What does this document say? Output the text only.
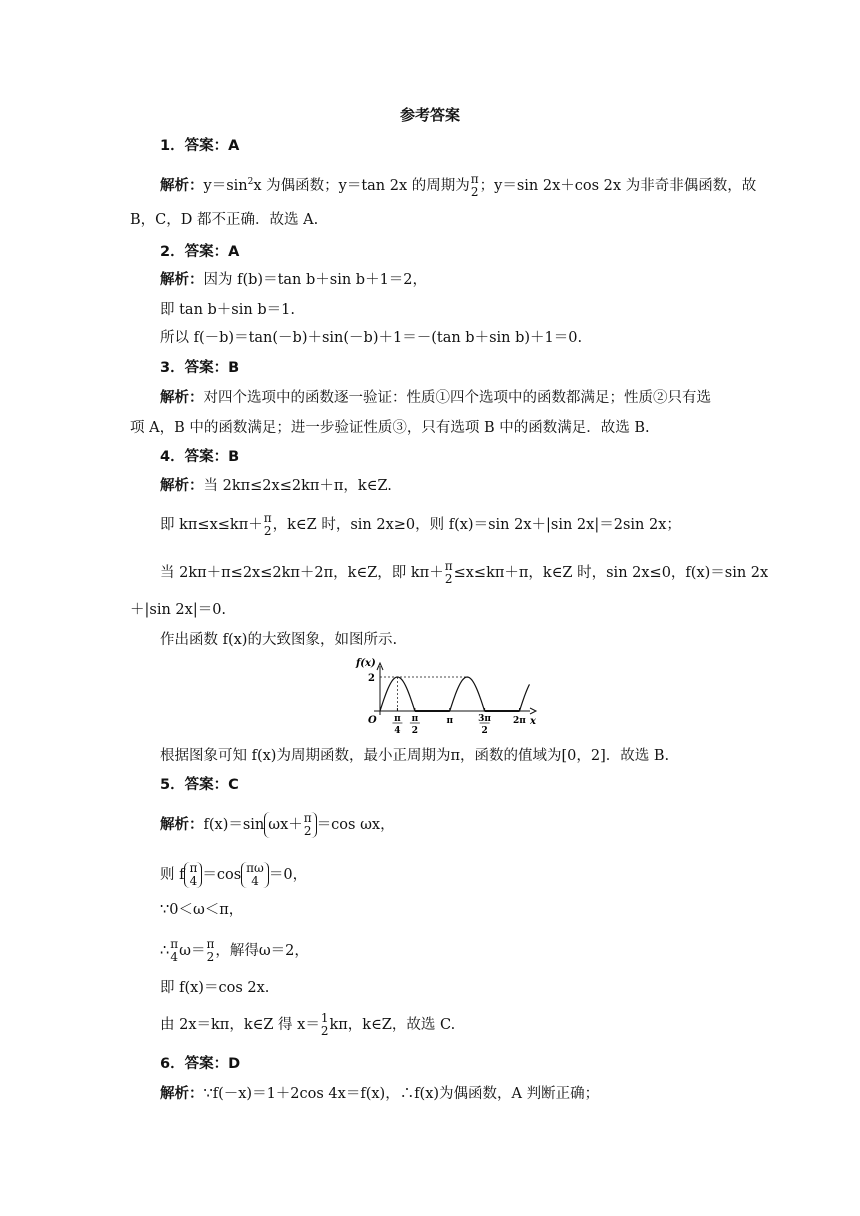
参考答案
1．答案：A
解析：$y=\sin^2x$ 为偶函数；y＝tan 2x 的周期为 π
2 ；y＝sin 2x＋cos 2x 为非奇非偶函数，故
B，C，D 都不正确．故选 A.
2．答案：A
解析：因为 f(b)＝tan b＋sin b＋1＝2，
即 tan b＋sin b＝1.
所以 f(－b)＝tan(－b)＋sin(－b)＋1＝－(tan b＋sin b)＋1＝0.
3．答案：B
解析：对四个选项中的函数逐一验证：性质①四个选项中的函数都满足；性质②只有选
项 A，B 中的函数满足；进一步验证性质③，只有选项 B 中的函数满足．故选 B.
4．答案：B
解析：当 2kπ≤2x≤2kπ＋π，k∈Z.
即 kπ≤x≤kπ＋ π
2 ，k∈Z 时，sin 2x≥0，则 f(x)＝sin 2x＋|sin 2x|＝2sin 2x；
当 2kπ＋π≤2x≤2kπ＋2π，k∈Z，即 kπ＋ π
2 ≤x≤kπ＋π，k∈Z 时，sin 2x≤0，f(x)＝sin 2x
＋|sin 2x|＝0.
作出函数 f(x)的大致图象，如图所示.
f(x)
x
O
2
π
4
π
2
π	3π
2
2π
根据图象可知 f(x)为周期函数，最小正周期为π，函数的值域为[0，2]．故选 B.
5．答案：C
解析：f(x)＝sin ωx＋ π
2 ＝cos ωx，
则 f π
4 ＝cos πω
4 ＝0，
∵0＜ω＜π，
∴ π
4 ω＝ π
2 ，解得ω＝2，
即 f(x)＝cos 2x.
由 2x＝kπ，k∈Z 得 x＝ 1
2 kπ，k∈Z，故选 C.
6．答案：D
解析：∵f(－x)＝1＋2cos 4x＝f(x)，∴f(x)为偶函数，A 判断正确；
